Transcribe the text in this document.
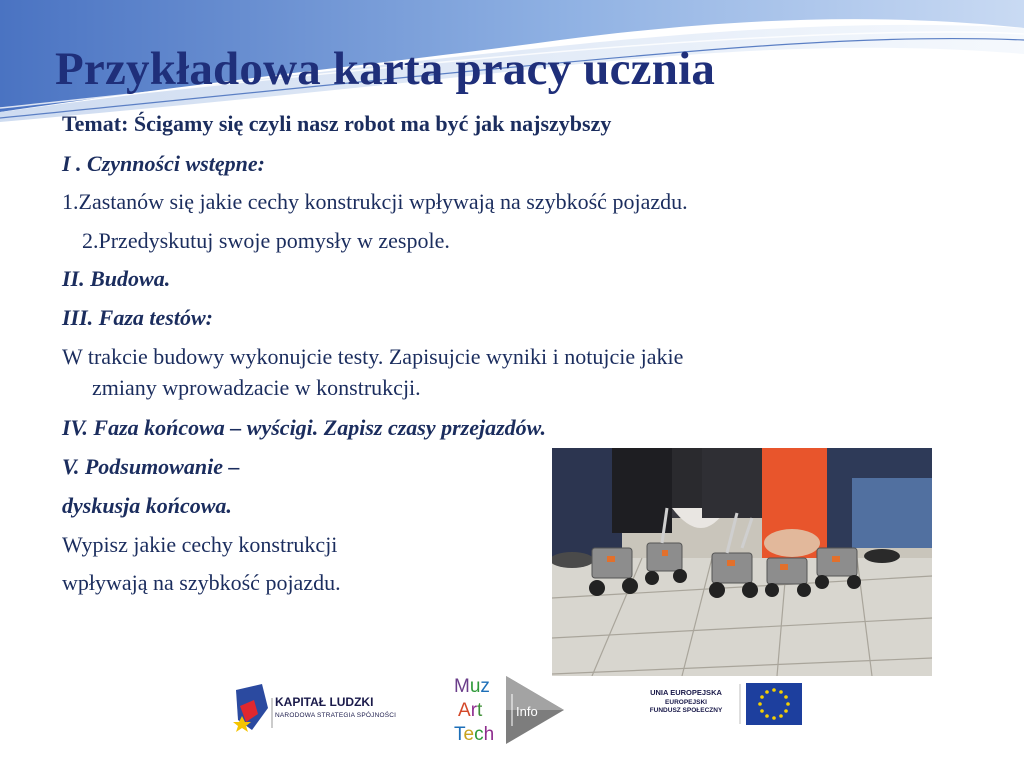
Przykładowa karta pracy ucznia
Temat: Ścigamy się czyli nasz robot ma być jak najszybszy
I . Czynności wstępne:
1.Zastanów się jakie cechy konstrukcji wpływają na szybkość pojazdu.
2.Przedyskutuj swoje pomysły w zespole.
II. Budowa.
III. Faza testów:
W trakcie budowy wykonujcie testy. Zapisujcie wyniki i notujcie jakie
zmiany wprowadzacie w konstrukcji.
IV. Faza końcowa – wyścigi. Zapisz czasy przejazdów.
V. Podsumowanie –
dyskusja końcowa.
Wypisz jakie cechy konstrukcji
wpływają na szybkość pojazdu.
KAPITAŁ LUDZKI
NARODOWA STRATEGIA SPÓJNOŚCI
Muz
Art
Tech
Info
UNIA EUROPEJSKA
EUROPEJSKI
FUNDUSZ SPOŁECZNY
